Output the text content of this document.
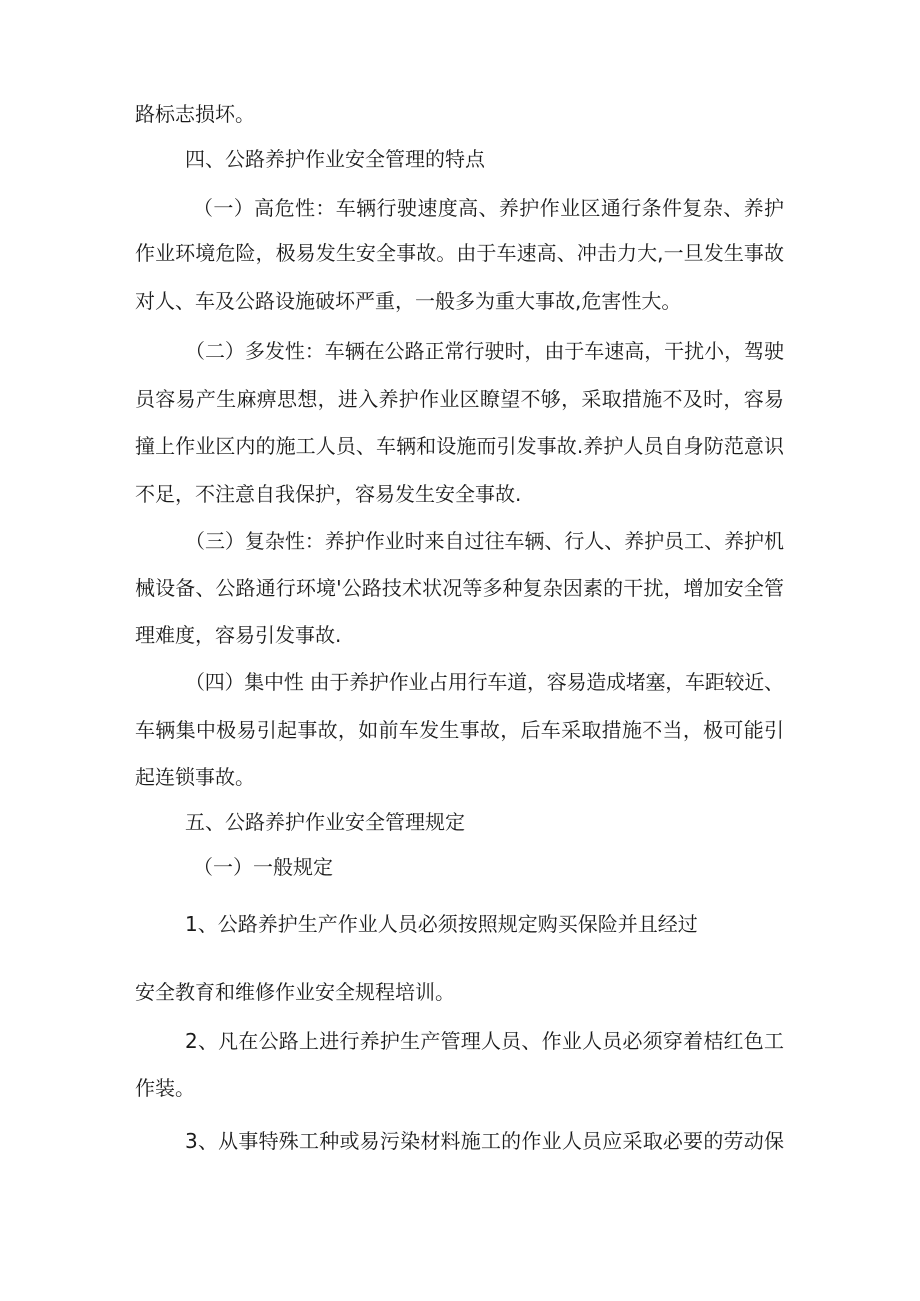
路标志损坏。

四、公路养护作业安全管理的特点

（一）高危性：车辆行驶速度高、养护作业区通行条件复杂、养护

作业环境危险，极易发生安全事故。由于车速高、冲击力大,一旦发生事故

对人、车及公路设施破坏严重，一般多为重大事故,危害性大。

（二）多发性：车辆在公路正常行驶时，由于车速高，干扰小，驾驶

员容易产生麻痹思想，进入养护作业区瞭望不够，采取措施不及时，容易

撞上作业区内的施工人员、车辆和设施而引发事故.养护人员自身防范意识

不足，不注意自我保护，容易发生安全事故.

（三）复杂性：养护作业时来自过往车辆、行人、养护员工、养护机

械设备、公路通行环境'公路技术状况等多种复杂因素的干扰，增加安全管

理难度，容易引发事故.

（四）集中性 由于养护作业占用行车道，容易造成堵塞，车距较近、

车辆集中极易引起事故，如前车发生事故，后车采取措施不当，极可能引

起连锁事故。

五、公路养护作业安全管理规定

（一）一般规定

1、公路养护生产作业人员必须按照规定购买保险并且经过

安全教育和维修作业安全规程培训。

2、凡在公路上进行养护生产管理人员、作业人员必须穿着桔红色工

作装。

3、从事特殊工种或易污染材料施工的作业人员应采取必要的劳动保
